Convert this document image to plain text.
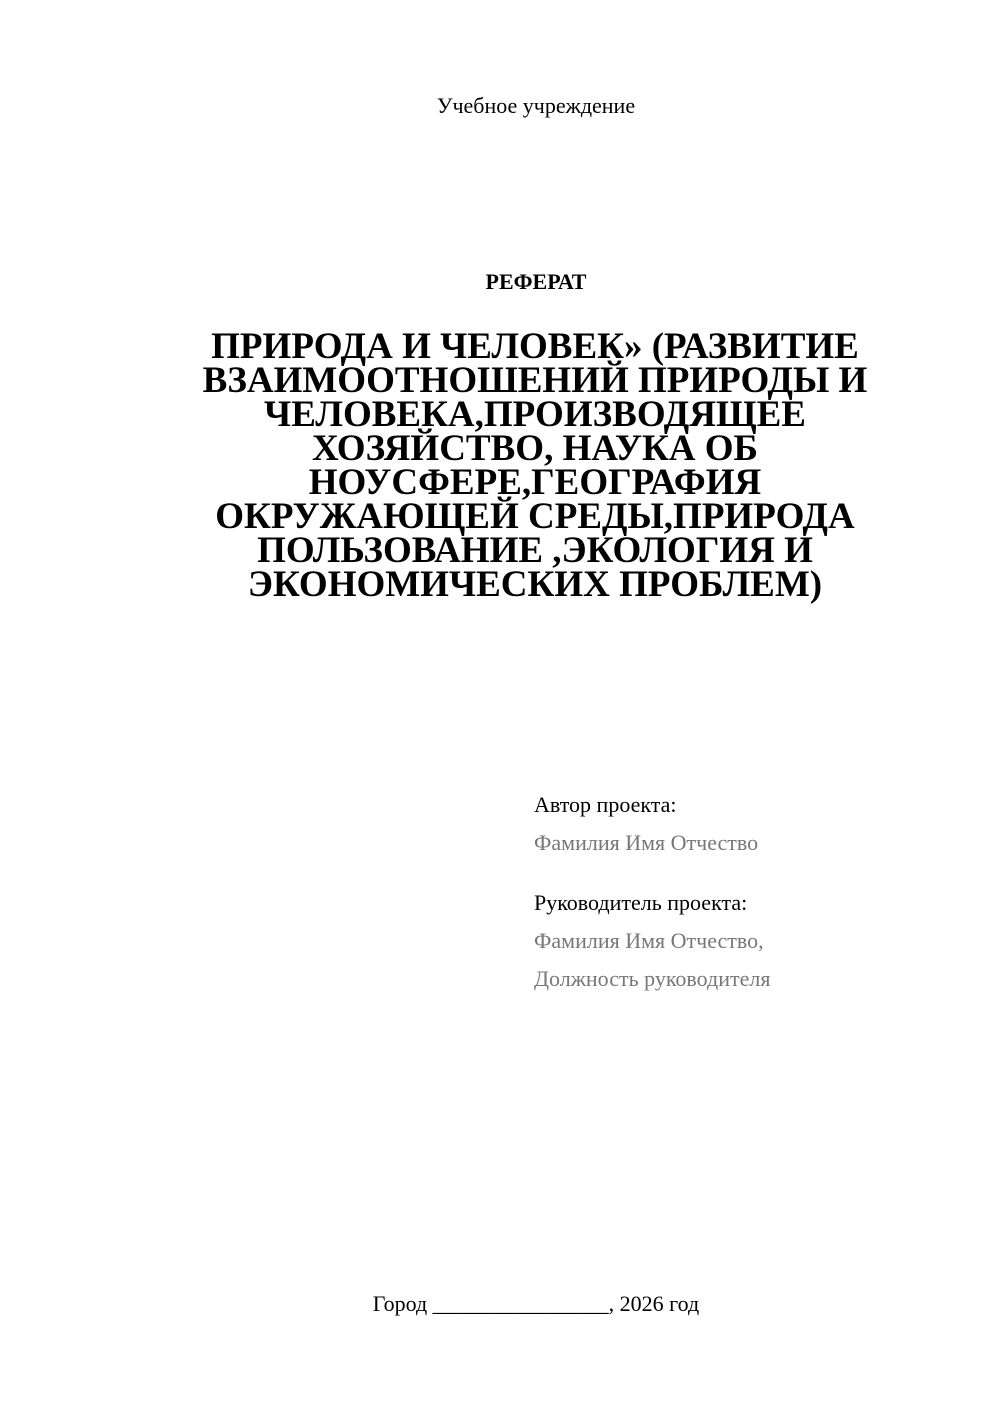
Учебное учреждение
РЕФЕРАТ
ПРИРОДА И ЧЕЛОВЕК» (РАЗВИТИЕ ВЗАИМООТНОШЕНИЙ ПРИРОДЫ И ЧЕЛОВЕКА,ПРОИЗВОДЯЩЕЕ ХОЗЯЙСТВО, НАУКА ОБ НОУСФЕРЕ,ГЕОГРАФИЯ ОКРУЖАЮЩЕЙ СРЕДЫ,ПРИРОДА ПОЛЬЗОВАНИЕ ,ЭКОЛОГИЯ И ЭКОНОМИЧЕСКИХ ПРОБЛЕМ)
Автор проекта:
Фамилия Имя Отчество
Руководитель проекта:
Фамилия Имя Отчество,
Должность руководителя
Город ________________, 2026 год
